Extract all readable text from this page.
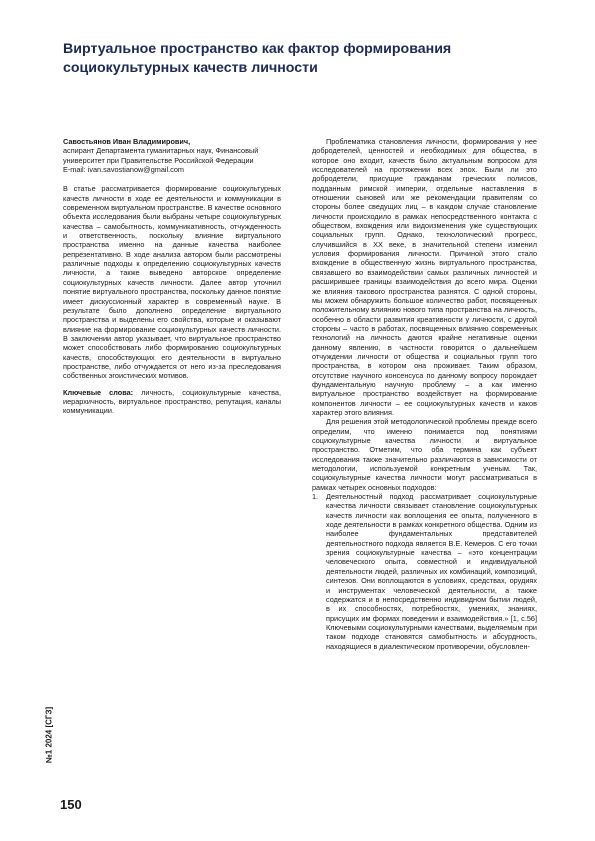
Виртуальное пространство как фактор формирования социокультурных качеств личности

Савостьянов Иван Владимирович,

аспирант Департамента гуманитарных наук, Финансовый университет при Правительстве Российской Федерации

E-mail: ivan.savostianow@gmail.com

В статье рассматривается формирование социокультурных качеств личности в ходе ее деятельности и коммуникации в современном виртуальном пространстве. В качестве основного объекта исследования были выбраны четыре социокультурных качества – самобытность, коммуникативность, отчужденность и ответственность, поскольку влияние виртуального пространства именно на данные качества наиболее репрезентативно. В ходе анализа автором были рассмотрены различные подходы к определению социокультурных качеств личности, а также выведено авторское определение социокультурных качеств личности. Далее автор уточнил понятие виртуального пространства, поскольку данное понятие имеет дискуссионный характер в современный науке. В результате было дополнено определение виртуального пространства и выделены его свойства, которые и оказывают влияние на формирование социокультурных качеств личности. В заключении автор указывает, что виртуальное пространство может способствовать либо формированию социокультурных качеств, способствующих его деятельности в виртуально пространстве, либо отчуждается от него из-за преследования собственных эгоистических мотивов.

Ключевые слова: личность, социокультурные качества, иерархичность, виртуальное пространство, репутация, каналы коммуникации.

Проблематика становления личности, формирования у нее добродетелей, ценностей и необходимых для общества, в которое оно входит, качеств было актуальным вопросом для исследователей на протяжении всех эпох. Были ли это добродетели, присущие гражданам греческих полисов, подданным римской империи, отдельные наставления в отношении сыновей или же рекомендации правителям со стороны более сведущих лиц – в каждом случае становление личности происходило в рамках непосредственного контакта с обществом, вхождения или видоизменения уже существующих социальных групп. Однако, технологический прогресс, случившийся в XX веке, в значительной степени изменил условия формирования личности. Причиной этого стало вхождение в общественную жизнь виртуального пространства, связавшего во взаимодействии самых различных личностей и расширившее границы взаимодействия до всего мира. Оценки же влияния такового пространства разнятся. С одной стороны, мы можем обнаружить большое количество работ, посвященных положительному влиянию нового типа пространства на личность, особенно в области развития креативности у личности, с другой стороны – часто в работах, посвященных влиянию современных технологий на личность даются крайне негативные оценки данному явлению, в частности говорится о дальнейшем отчуждении личности от общества и социальных групп того пространства, в котором она проживает. Таким образом, отсутствие научного консенсуса по данному вопросу порождает фундаментальную научную проблему – а как именно виртуальное пространство воздействует на формирование компонентов личности – ее социокультурных качеств и каков характер этого влияния.

Для решения этой методологической проблемы прежде всего определим, что именно понимается под понятиями социокультурные качества личности и виртуальное пространство. Отметим, что оба термина как субъект исследования также значительно различаются в зависимости от методологии, используемой конкретным ученым. Так, социокультурные качества личности могут рассматриваться в рамках четырех основных подходов:

1. Деятельностный подход рассматривает социокультурные качества личности связывает становление социокультурных качеств личности как воплощения ее опыта, полученного в ходе деятельности в рамках конкретного общества. Одним из наиболее фундаментальных представителей деятельностного подхода является В.Е. Кемеров. С его точки зрения социокультурные качества – «это концентрации человеческого опыта, совместной и индивидуальной деятельности людей, различных их комбинаций, композиций, синтезов. Они воплощаются в условиях, средствах, орудиях и инструментах человеческой деятельности, а также содержатся и в непосредственно индивидном бытии людей, в их способностях, потребностях, умениях, знаниях, присущих им формах поведении и взаимодействия.» [1, с.56] Ключевыми социокультурными качествами, выделяемым при таком подходе становятся самобытность и абсурдность, находящиеся в диалектическом противоречии, обусловлен-
№1 2024 [СГЗ]
150
